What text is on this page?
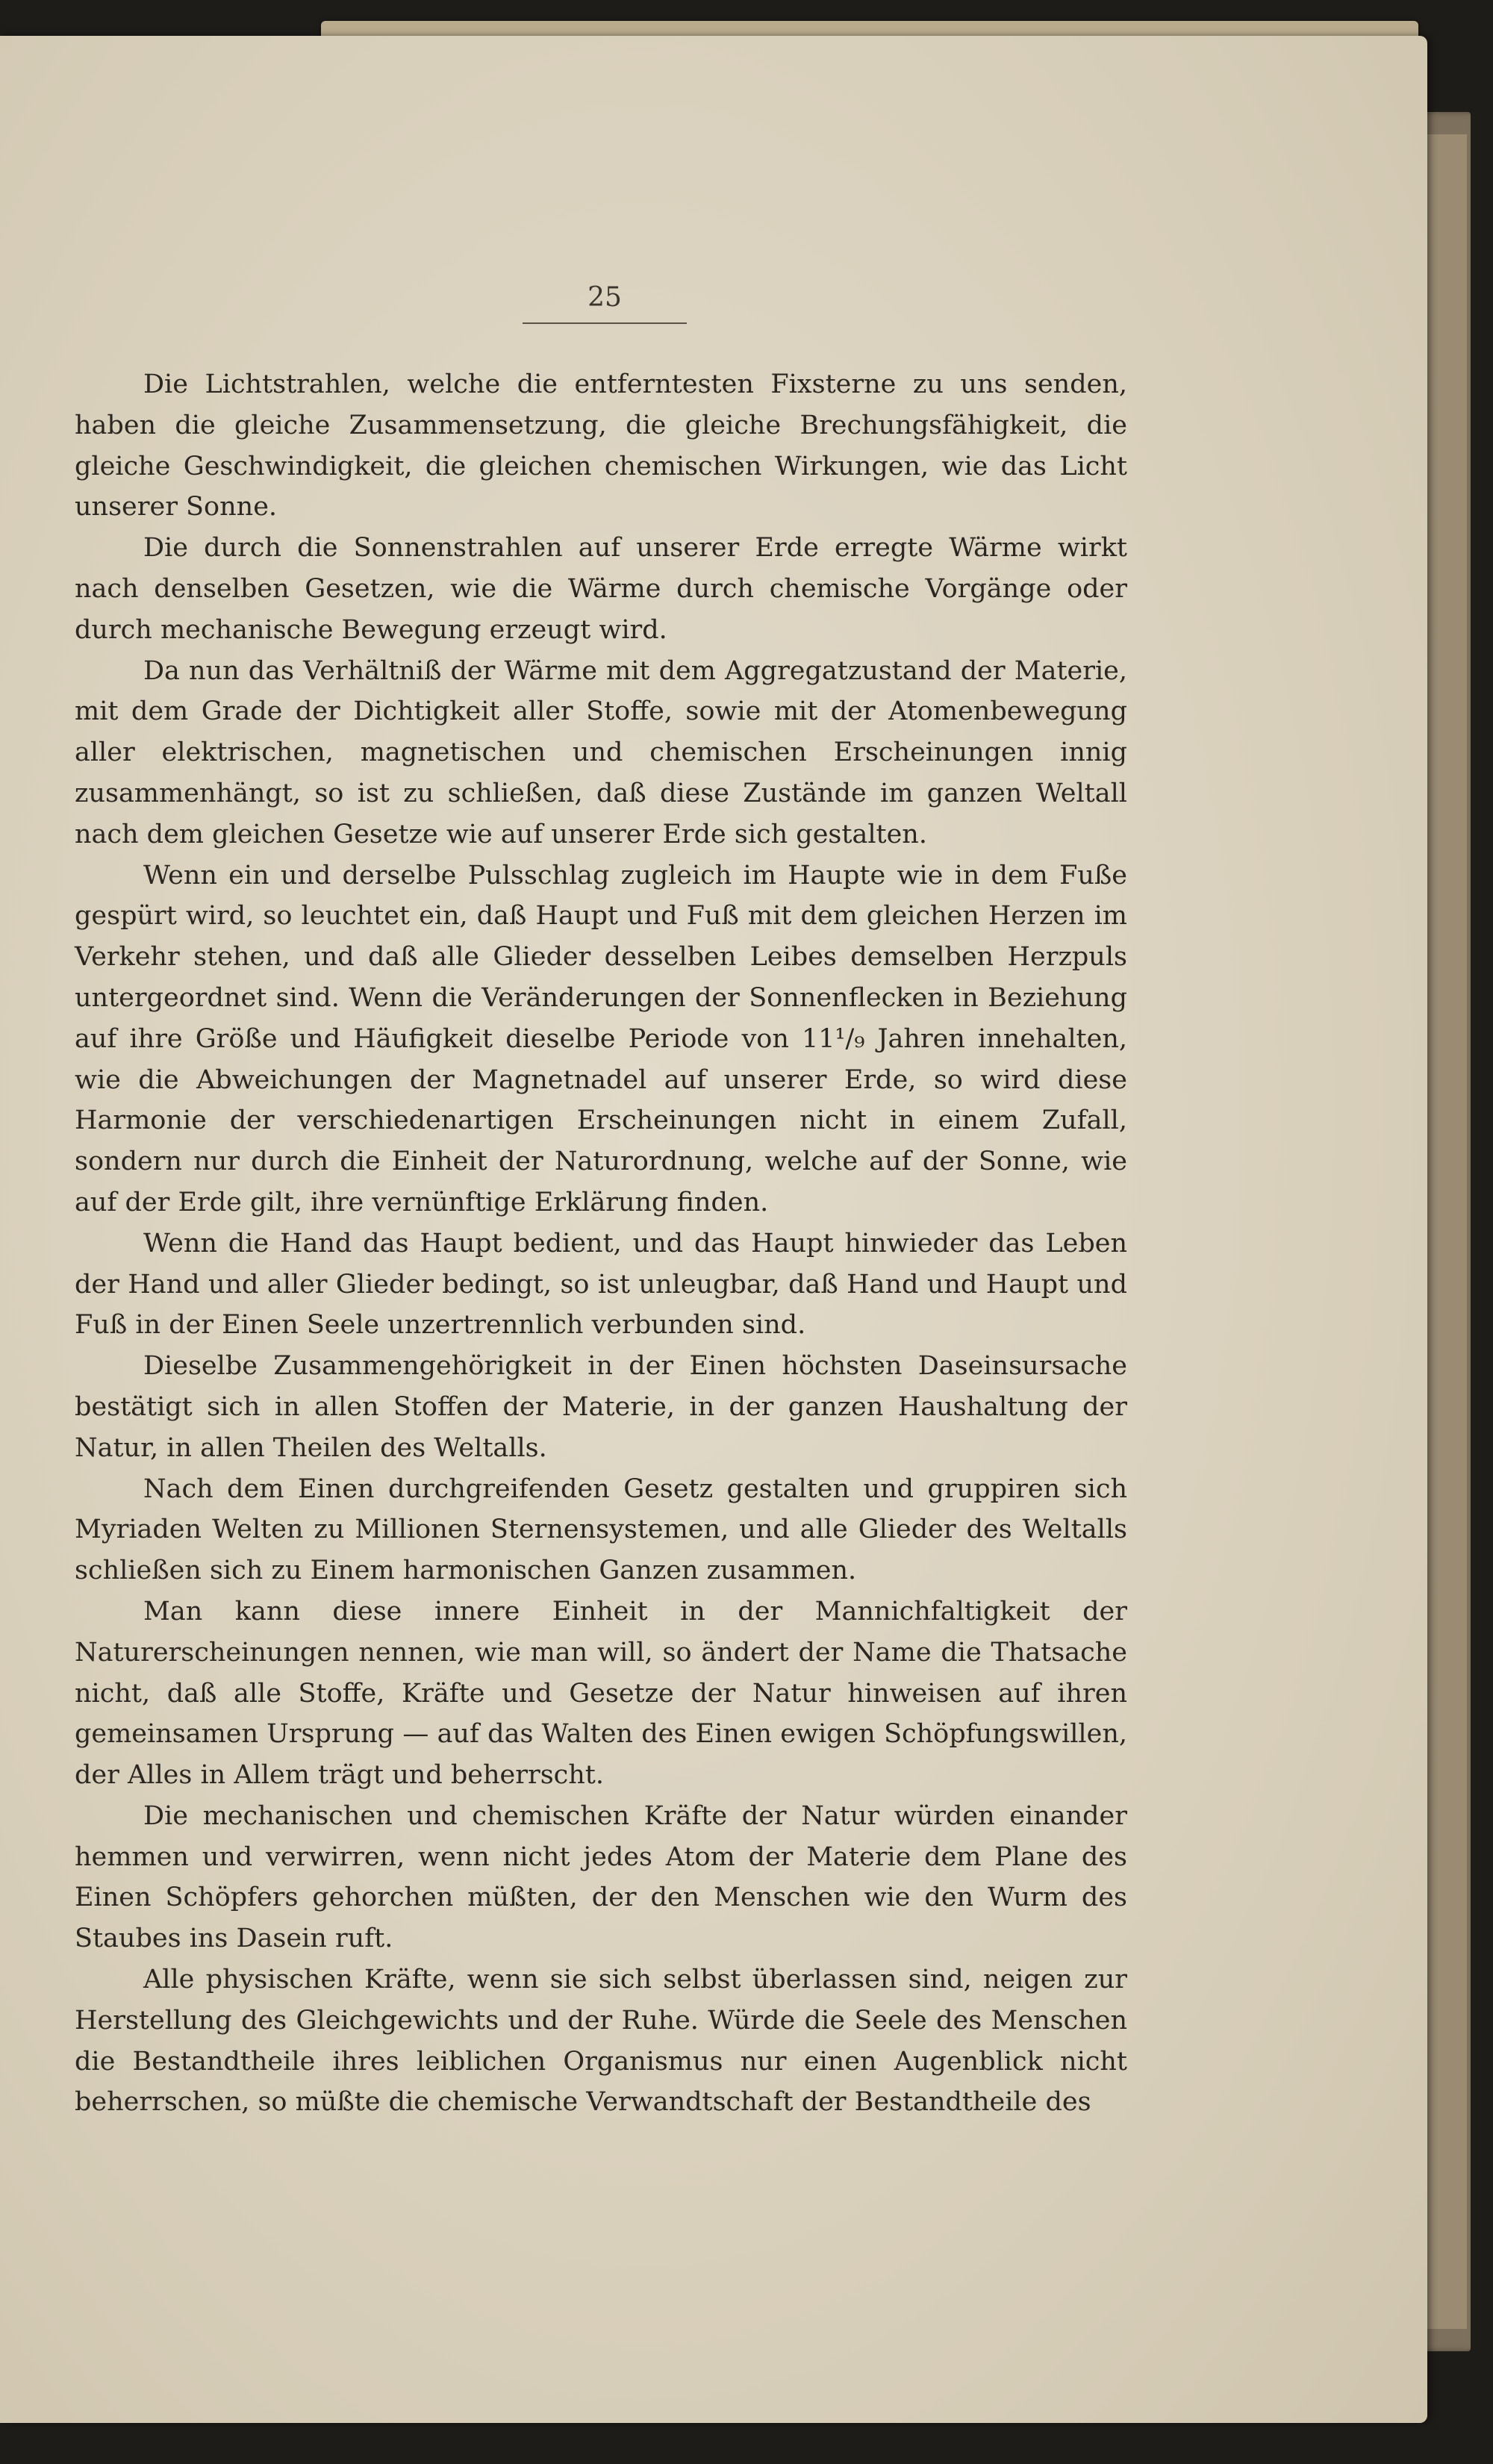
25

Die Lichtstrahlen, welche die entferntesten Fixsterne zu uns senden, haben die gleiche Zusammensetzung, die gleiche Brechungsfähigkeit, die gleiche Geschwindigkeit, die gleichen chemischen Wirkungen, wie das Licht unserer Sonne.

Die durch die Sonnenstrahlen auf unserer Erde erregte Wärme wirkt nach denselben Gesetzen, wie die Wärme durch chemische Vorgänge oder durch mechanische Bewegung erzeugt wird.

Da nun das Verhältniß der Wärme mit dem Aggregatzustand der Materie, mit dem Grade der Dichtigkeit aller Stoffe, sowie mit der Atomenbewegung aller elektrischen, magnetischen und chemischen Erscheinungen innig zusammenhängt, so ist zu schließen, daß diese Zustände im ganzen Weltall nach dem gleichen Gesetze wie auf unserer Erde sich gestalten.

Wenn ein und derselbe Pulsschlag zugleich im Haupte wie in dem Fuße gespürt wird, so leuchtet ein, daß Haupt und Fuß mit dem gleichen Herzen im Verkehr stehen, und daß alle Glieder desselben Leibes demselben Herzpuls untergeordnet sind. Wenn die Veränderungen der Sonnenflecken in Beziehung auf ihre Größe und Häufigkeit dieselbe Periode von 11¹/₉ Jahren innehalten, wie die Abweichungen der Magnetnadel auf unserer Erde, so wird diese Harmonie der verschiedenartigen Erscheinungen nicht in einem Zufall, sondern nur durch die Einheit der Naturordnung, welche auf der Sonne, wie auf der Erde gilt, ihre vernünftige Erklärung finden.

Wenn die Hand das Haupt bedient, und das Haupt hinwieder das Leben der Hand und aller Glieder bedingt, so ist unleugbar, daß Hand und Haupt und Fuß in der Einen Seele unzertrennlich verbunden sind.

Dieselbe Zusammengehörigkeit in der Einen höchsten Daseinsursache bestätigt sich in allen Stoffen der Materie, in der ganzen Haushaltung der Natur, in allen Theilen des Weltalls.

Nach dem Einen durchgreifenden Gesetz gestalten und gruppiren sich Myriaden Welten zu Millionen Sternensystemen, und alle Glieder des Weltalls schließen sich zu Einem harmonischen Ganzen zusammen.

Man kann diese innere Einheit in der Mannichfaltigkeit der Naturerscheinungen nennen, wie man will, so ändert der Name die Thatsache nicht, daß alle Stoffe, Kräfte und Gesetze der Natur hinweisen auf ihren gemeinsamen Ursprung — auf das Walten des Einen ewigen Schöpfungswillen, der Alles in Allem trägt und beherrscht.

Die mechanischen und chemischen Kräfte der Natur würden einander hemmen und verwirren, wenn nicht jedes Atom der Materie dem Plane des Einen Schöpfers gehorchen müßten, der den Menschen wie den Wurm des Staubes ins Dasein ruft.

Alle physischen Kräfte, wenn sie sich selbst überlassen sind, neigen zur Herstellung des Gleichgewichts und der Ruhe. Würde die Seele des Menschen die Bestandtheile ihres leiblichen Organismus nur einen Augenblick nicht beherrschen, so müßte die chemische Verwandtschaft der Bestandtheile des
